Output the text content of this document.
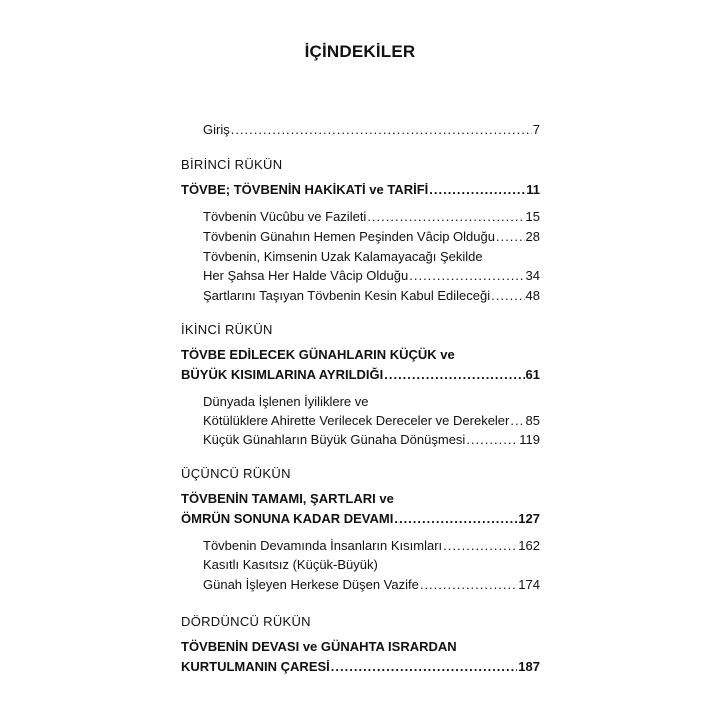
İÇİNDEKİLER
Giriş .....	7
BİRİNCİ RÜKÜN
TÖVBE; TÖVBENİN HAKİKATİ ve TARİFİ .....	11
Tövbenin Vücûbu ve Fazileti .....	15
Tövbenin Günahın Hemen Peşinden Vâcip Olduğu ..... 28
Tövbenin, Kimsenin Uzak Kalamayacağı Şekilde
Her Şahsa Her Halde Vâcip Olduğu .....	34
Şartlarını Taşıyan Tövbenin Kesin Kabul Edileceği .....	48
İKİNCİ RÜKÜN
TÖVBE EDİLECEK GÜNAHLARIN KÜÇÜK ve
BÜYÜK KISIMLARINA AYRILDIĞI .....	61
Dünyada İşlenen İyiliklere ve
Kötülüklere Ahirette Verilecek Dereceler ve Derekeler ..... 85
Küçük Günahların Büyük Günaha Dönüşmesi .....	119
ÜÇÜNCÜ RÜKÜN
TÖVBENİN TAMAMI, ŞARTLARI ve
ÖMRÜN SONUNA KADAR DEVAMI .....	127
Tövbenin Devamında İnsanların Kısımları .....	162
Kasıtlı Kasıtsız (Küçük-Büyük)
Günah İşleyen Herkese Düşen Vazife .....	174
DÖRDÜNCÜ RÜKÜN
TÖVBENİN DEVASI ve GÜNAHTA ISRARDAN
KURTULMANIN ÇARESİ .....	187
